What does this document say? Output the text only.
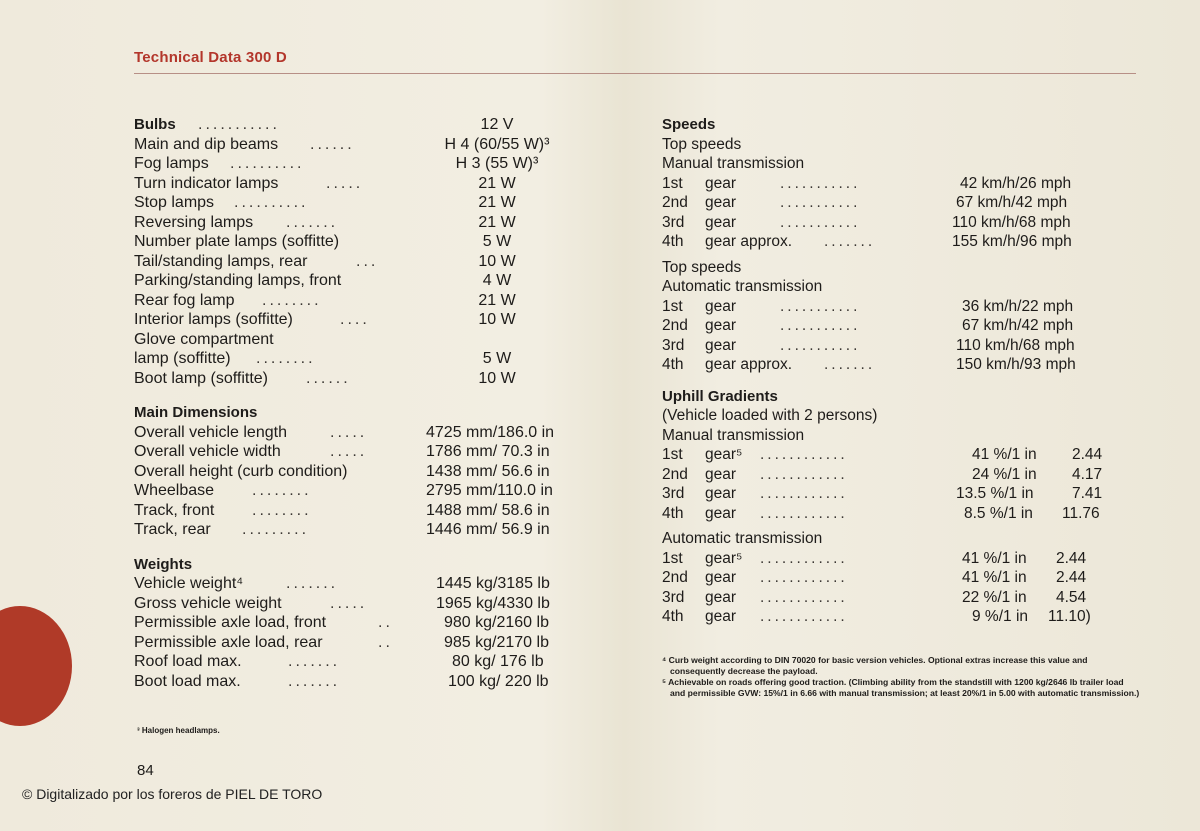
Technical Data 300 D
Bulbs ...........	12 V
Main and dip beams ......	H 4 (60/55 W)³
Fog lamps ..........	H 3 (55 W)³
Turn indicator lamps	.....	21 W
Stop lamps ..........	21 W
Reversing lamps .......	21 W
Number plate lamps (soffitte)	5 W
Tail/standing lamps, rear	...	10 W
Parking/standing lamps, front	4 W
Rear fog lamp ........	21 W
Interior lamps (soffitte)	....	10 W
Glove compartment
lamp (soffitte) ........	5 W
Boot lamp (soffitte) ......	10 W
Main Dimensions
Overall vehicle length	.....	4725 mm/186.0 in
Overall vehicle width	.....	1786 mm/ 70.3 in
Overall height (curb condition)	1438 mm/ 56.6 in
Wheelbase ........	2795 mm/110.0 in
Track, front ........	1488 mm/ 58.6 in
Track, rear .........	1446 mm/ 56.9 in
Weights
Vehicle weight⁴	.......	1445 kg/3185 lb
Gross vehicle weight	.....	1965 kg/4330 lb
Permissible axle load, front	..	980 kg/2160 lb
Permissible axle load, rear	..	985 kg/2170 lb
Roof load max.	.......	80 kg/ 176 lb
Boot load max.	.......	100 kg/ 220 lb
³ Halogen headlamps.
84
© Digitalizado por los foreros de PIEL DE TORO
Speeds
Top speeds
Manual transmission
1st gear	...........	42 km/h/26 mph
2nd gear	...........	67 km/h/42 mph
3rd gear	...........	110 km/h/68 mph
4th gear approx. .......	155 km/h/96 mph
Top speeds
Automatic transmission
1st gear	...........	36 km/h/22 mph
2nd gear	...........	67 km/h/42 mph
3rd gear	...........	110 km/h/68 mph
4th gear approx. .......	150 km/h/93 mph
Uphill Gradients
(Vehicle loaded with 2 persons)
Manual transmission
1st gear⁵ ............	41 %/1 in 2.44
2nd gear ............	24 %/1 in 4.17
3rd gear ............	13.5 %/1 in 7.41
4th gear ............	8.5 %/1 in 11.76
Automatic transmission
1st gear⁵ ............	41 %/1 in 2.44
2nd gear ............	41 %/1 in 2.44
3rd gear ............	22 %/1 in 4.54
4th gear ............	9 %/1 in 11.10)

⁴ Curb weight according to DIN 70020 for basic version vehicles. Optional extras increase this value and consequently decrease the payload.

⁵ Achievable on roads offering good traction. (Climbing ability from the standstill with 1200 kg/2646 lb trailer load and permissible GVW: 15%/1 in 6.66 with manual transmission; at least 20%/1 in 5.00 with automatic transmission.)
